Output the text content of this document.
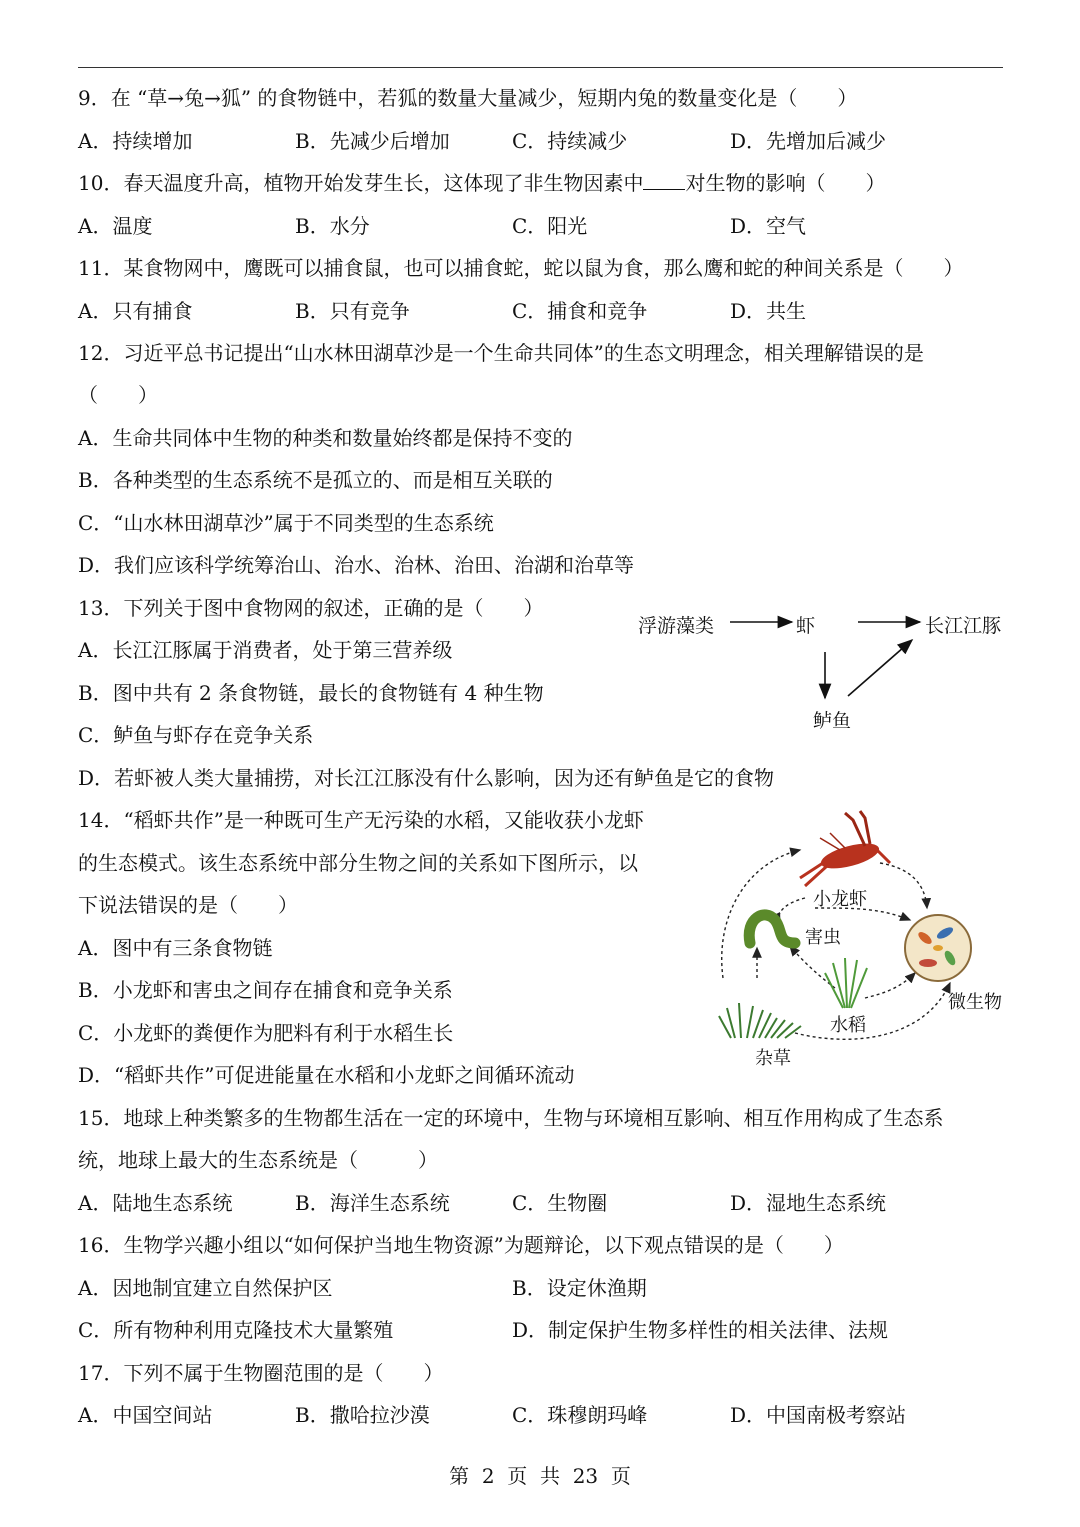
9．在 “草→兔→狐” 的食物链中，若狐的数量大量减少，短期内兔的数量变化是（　　）
A．持续增加	B．先减少后增加	C．持续减少	D．先增加后减少
10．春天温度升高，植物开始发芽生长，这体现了非生物因素中 对生物的影响（　　）
A．温度	B．水分	C．阳光	D．空气
11．某食物网中，鹰既可以捕食鼠，也可以捕食蛇，蛇以鼠为食，那么鹰和蛇的种间关系是（　　）
A．只有捕食	B．只有竞争	C．捕食和竞争	D．共生
12．习近平总书记提出“山水林田湖草沙是一个生命共同体”的生态文明理念，相关理解错误的是
（　　）
A．生命共同体中生物的种类和数量始终都是保持不变的
B．各种类型的生态系统不是孤立的、而是相互关联的
C．“山水林田湖草沙”属于不同类型的生态系统
D．我们应该科学统筹治山、治水、治林、治田、治湖和治草等
13．下列关于图中食物网的叙述，正确的是（　　）
A．长江江豚属于消费者，处于第三营养级
B．图中共有 2 条食物链，最长的食物链有 4 种生物
C．鲈鱼与虾存在竞争关系
D．若虾被人类大量捕捞，对长江江豚没有什么影响，因为还有鲈鱼是它的食物
浮游藻类	虾	长江江豚
鲈鱼
14．“稻虾共作”是一种既可生产无污染的水稻，又能收获小龙虾
的生态模式。该生态系统中部分生物之间的关系如下图所示，以
下说法错误的是（　　）
A．图中有三条食物链
B．小龙虾和害虫之间存在捕食和竞争关系
C．小龙虾的粪便作为肥料有利于水稻生长
D．“稻虾共作”可促进能量在水稻和小龙虾之间循环流动
小龙虾
害虫
微生物
水稻
杂草
15．地球上种类繁多的生物都生活在一定的环境中，生物与环境相互影响、相互作用构成了生态系
统，地球上最大的生态系统是（　　　）
A．陆地生态系统	B．海洋生态系统	C．生物圈	D．湿地生态系统
16．生物学兴趣小组以“如何保护当地生物资源”为题辩论，以下观点错误的是（　　）
A．因地制宜建立自然保护区	B．设定休渔期
C．所有物种利用克隆技术大量繁殖	D．制定保护生物多样性的相关法律、法规
17．下列不属于生物圈范围的是（　　）
A．中国空间站	B．撒哈拉沙漠	C．珠穆朗玛峰	D．中国南极考察站
第  2  页  共  23  页
